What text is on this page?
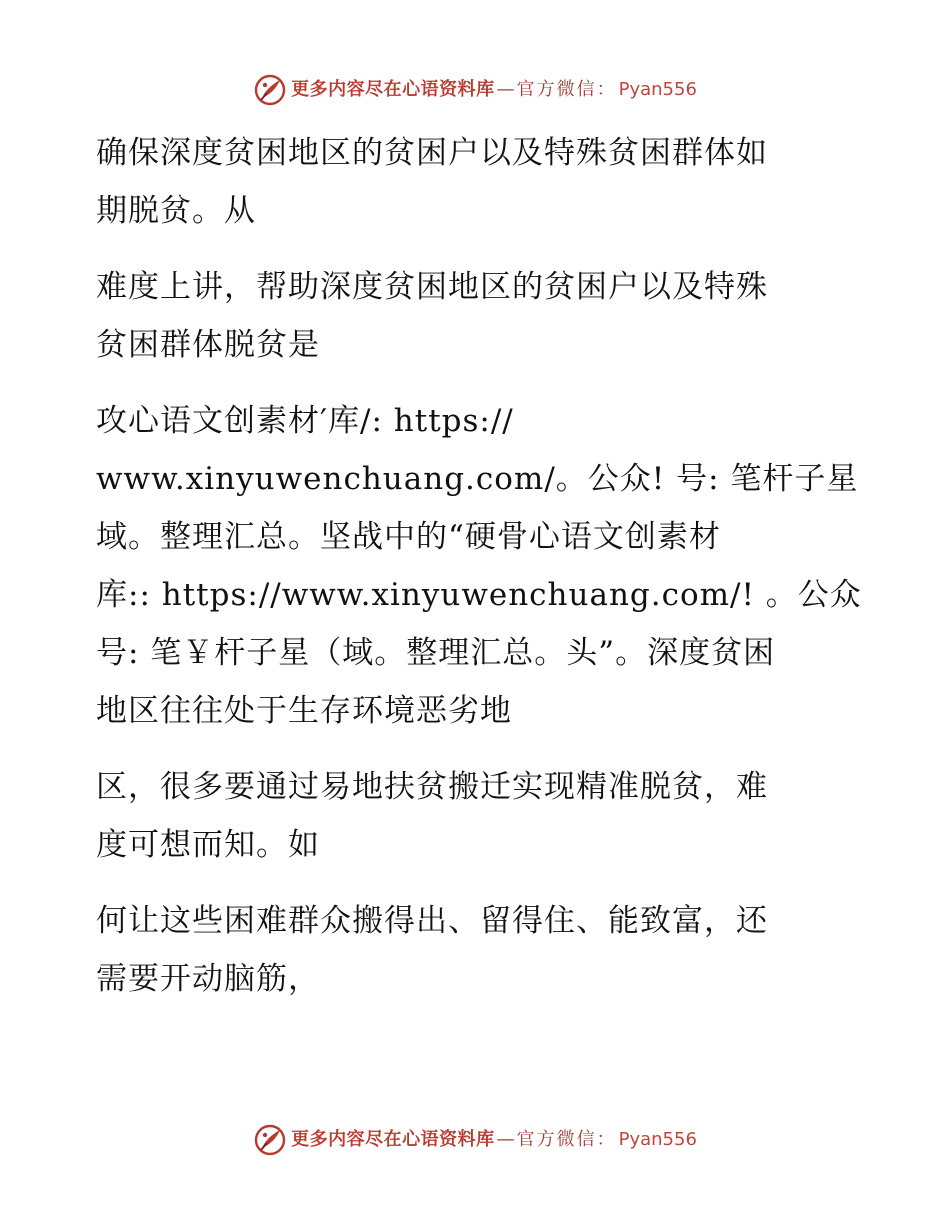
更多内容尽在心语资料库 — 官方微信： Pyan556
确保深度贫困地区的贫困户以及特殊贫困群体如
期脱贫。从
难度上讲，帮助深度贫困地区的贫困户以及特殊
贫困群体脱贫是
攻心语文创素材′库/: https://
www.xinyuwenchuang.com/。公众! 号: 笔杆子星
域。整理汇总。坚战中的“硬骨心语文创素材
库:: https://www.xinyuwenchuang.com/! 。公众
号: 笔￥杆子星（域。整理汇总。头”。深度贫困
地区往往处于生存环境恶劣地
区，很多要通过易地扶贫搬迁实现精准脱贫，难
度可想而知。如
何让这些困难群众搬得出、留得住、能致富，还
需要开动脑筋，
更多内容尽在心语资料库 — 官方微信： Pyan556
